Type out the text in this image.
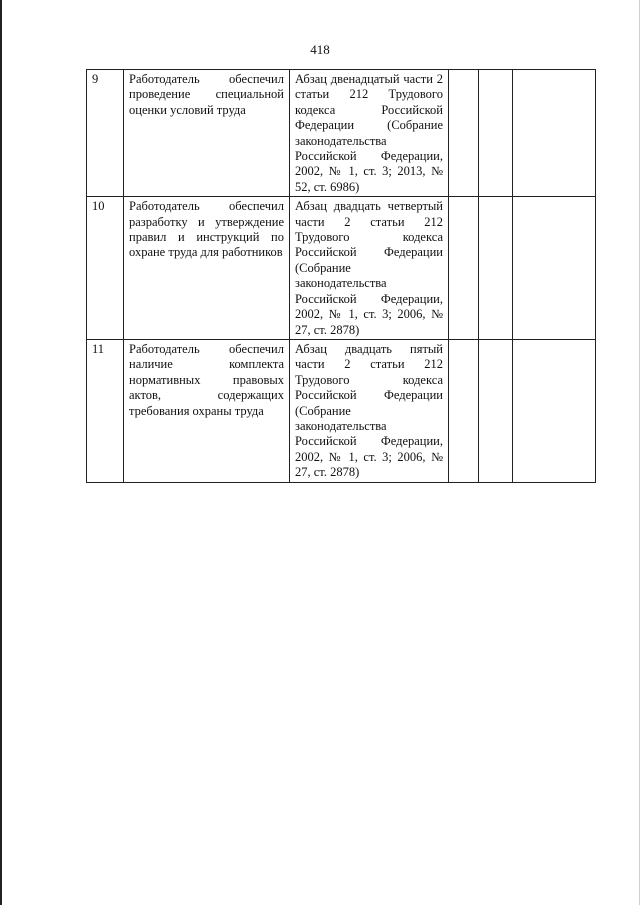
418
9	Работодатель обеспечил проведение специальной оценки условий труда	Абзац двенадцатый части 2 статьи 212 Трудового кодекса Российской Федерации (Собрание законодательства Российской Федерации, 2002, № 1, ст. 3; 2013, № 52, ст. 6986)			
10	Работодатель обеспечил разработку и утверждение правил и инструкций по охране труда для работников	Абзац двадцать четвертый части 2 статьи 212 Трудового кодекса Российской Федерации (Собрание законодательства Российской Федерации, 2002, № 1, ст. 3; 2006, № 27, ст. 2878)			
11	Работодатель обеспечил наличие комплекта нормативных правовых актов, содержащих требования охраны труда	Абзац двадцать пятый части 2 статьи 212 Трудового кодекса Российской Федерации (Собрание законодательства Российской Федерации, 2002, № 1, ст. 3; 2006, № 27, ст. 2878)			
